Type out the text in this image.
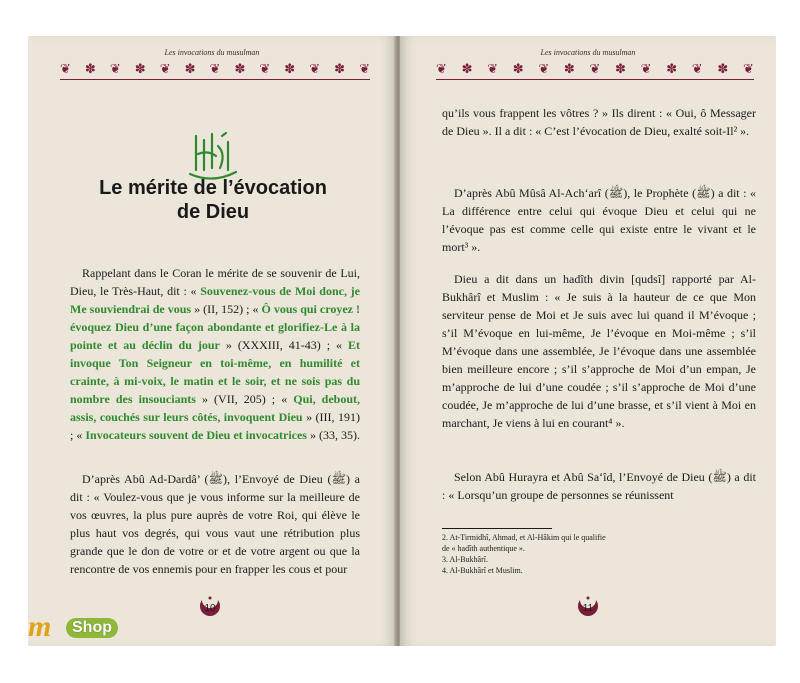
Les invocations du musulman
❦ ✽ ❦ ✽ ❦ ✽ ❦ ✽ ❦ ✽ ❦ ✽ ❦
Le mérite de l’évocation
de Dieu

Rappelant dans le Coran le mérite de se souvenir de Lui, Dieu, le Très-Haut, dit : « Souvenez-vous de Moi donc, je Me souviendrai de vous » (II, 152) ; « Ô vous qui croyez ! évoquez Dieu d’une façon abondante et glorifiez-Le à la pointe et au déclin du jour » (XXXIII, 41-43) ; « Et invoque Ton Seigneur en toi-même, en humilité et crainte, à mi-voix, le matin et le soir, et ne sois pas du nombre des insouciants » (VII, 205) ; « Qui, debout, assis, couchés sur leurs côtés, invoquent Dieu » (III, 191) ; « Invocateurs souvent de Dieu et invocatrices » (33, 35).

D’après Abû Ad-Dardâ’ (ﷺ), l’Envoyé de Dieu (ﷺ) a dit : « Voulez-vous que je vous informe sur la meilleure de vos œuvres, la plus pure auprès de votre Roi, qui élève le plus haut vos degrés, qui vous vaut une rétribution plus grande que le don de votre or et de votre argent ou que la rencontre de vos ennemis pour en frapper les cous et pour

10
Les invocations du musulman
❦ ✽ ❦ ✽ ❦ ✽ ❦ ✽ ❦ ✽ ❦ ✽ ❦

qu’ils vous frappent les vôtres ? » Ils dirent : « Oui, ô Messager de Dieu ». Il a dit : « C’est l’évocation de Dieu, exalté soit-Il² ».

D’après Abû Mûsâ Al-Ach‘arî (ﷺ), le Prophète (ﷺ) a dit : « La différence entre celui qui évoque Dieu et celui qui ne l’évoque pas est comme celle qui existe entre le vivant et le mort³ ».

Dieu a dit dans un hadîth divin [qudsî] rapporté par Al-Bukhârî et Muslim : « Je suis à la hauteur de ce que Mon serviteur pense de Moi et Je suis avec lui quand il M’évoque ; s’il M’évoque en lui-même, Je l’évoque en Moi-même ; s’il M’évoque dans une assemblée, Je l’évoque dans une assemblée bien meilleure encore ; s’il s’approche de Moi d’un empan, Je m’approche de lui d’une coudée ; s’il s’approche de Moi d’une coudée, Je m’approche de lui d’une brasse, et s’il vient à Moi en marchant, Je viens à lui en courant⁴ ».

Selon Abû Hurayra et Abû Sa‘îd, l’Envoyé de Dieu (ﷺ) a dit : « Lorsqu’un groupe de personnes se réunissent

2. At-Tirmidhî, Ahmad, et Al-Hâkim qui le qualifie
de « hadîth authentique ».
3. Al-Bukhârî.
4. Al-Bukhârî et Muslim.
11
m	Shop
